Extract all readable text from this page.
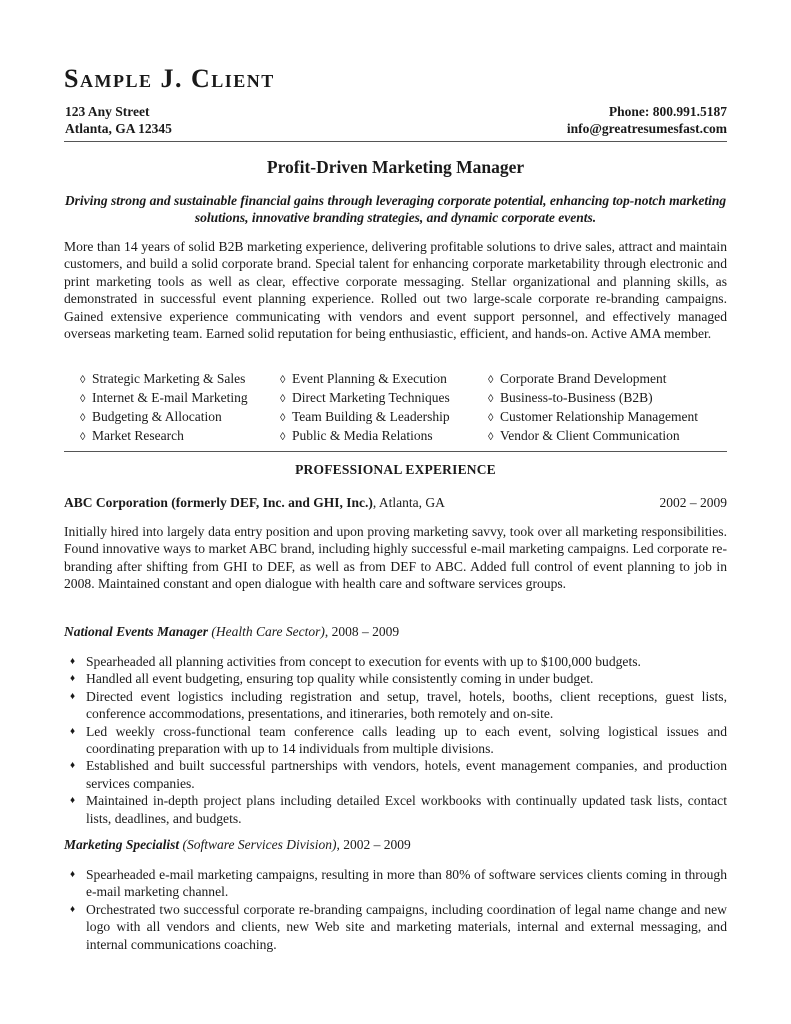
Sample J. Client
123 Any Street
Atlanta, GA 12345
Phone: 800.991.5187
info@greatresumesfast.com
Profit-Driven Marketing Manager
Driving strong and sustainable financial gains through leveraging corporate potential, enhancing top-notch marketing solutions, innovative branding strategies, and dynamic corporate events.

More than 14 years of solid B2B marketing experience, delivering profitable solutions to drive sales, attract and maintain customers, and build a solid corporate brand. Special talent for enhancing corporate marketability through electronic and print marketing tools as well as clear, effective corporate messaging. Stellar organizational and planning skills, as demonstrated in successful event planning experience. Rolled out two large-scale corporate re-branding campaigns. Gained extensive experience communicating with vendors and event support personnel, and effectively managed overseas marketing team. Earned solid reputation for being enthusiastic, efficient, and hands-on. Active AMA member.

◊ Strategic Marketing & Sales
◊ Internet & E-mail Marketing
◊ Budgeting & Allocation
◊ Market Research
◊ Event Planning & Execution
◊ Direct Marketing Techniques
◊ Team Building & Leadership
◊ Public & Media Relations
◊ Corporate Brand Development
◊ Business-to-Business (B2B)
◊ Customer Relationship Management
◊ Vendor & Client Communication
PROFESSIONAL EXPERIENCE
ABC Corporation (formerly DEF, Inc. and GHI, Inc.), Atlanta, GA	2002 – 2009

Initially hired into largely data entry position and upon proving marketing savvy, took over all marketing responsibilities. Found innovative ways to market ABC brand, including highly successful e-mail marketing campaigns. Led corporate re-branding after shifting from GHI to DEF, as well as from DEF to ABC. Added full control of event planning to job in 2008. Maintained constant and open dialogue with health care and software services groups.

National Events Manager (Health Care Sector), 2008 – 2009
♦ Spearheaded all planning activities from concept to execution for events with up to $100,000 budgets.
♦ Handled all event budgeting, ensuring top quality while consistently coming in under budget.
♦ Directed event logistics including registration and setup, travel, hotels, booths, client receptions, guest lists, conference accommodations, presentations, and itineraries, both remotely and on-site.
♦ Led weekly cross-functional team conference calls leading up to each event, solving logistical issues and coordinating preparation with up to 14 individuals from multiple divisions.
♦ Established and built successful partnerships with vendors, hotels, event management companies, and production services companies.
♦ Maintained in-depth project plans including detailed Excel workbooks with continually updated task lists, contact lists, deadlines, and budgets.
Marketing Specialist (Software Services Division), 2002 – 2009
♦ Spearheaded e-mail marketing campaigns, resulting in more than 80% of software services clients coming in through e-mail marketing channel.
♦ Orchestrated two successful corporate re-branding campaigns, including coordination of legal name change and new logo with all vendors and clients, new Web site and marketing materials, internal and external messaging, and internal communications coaching.
